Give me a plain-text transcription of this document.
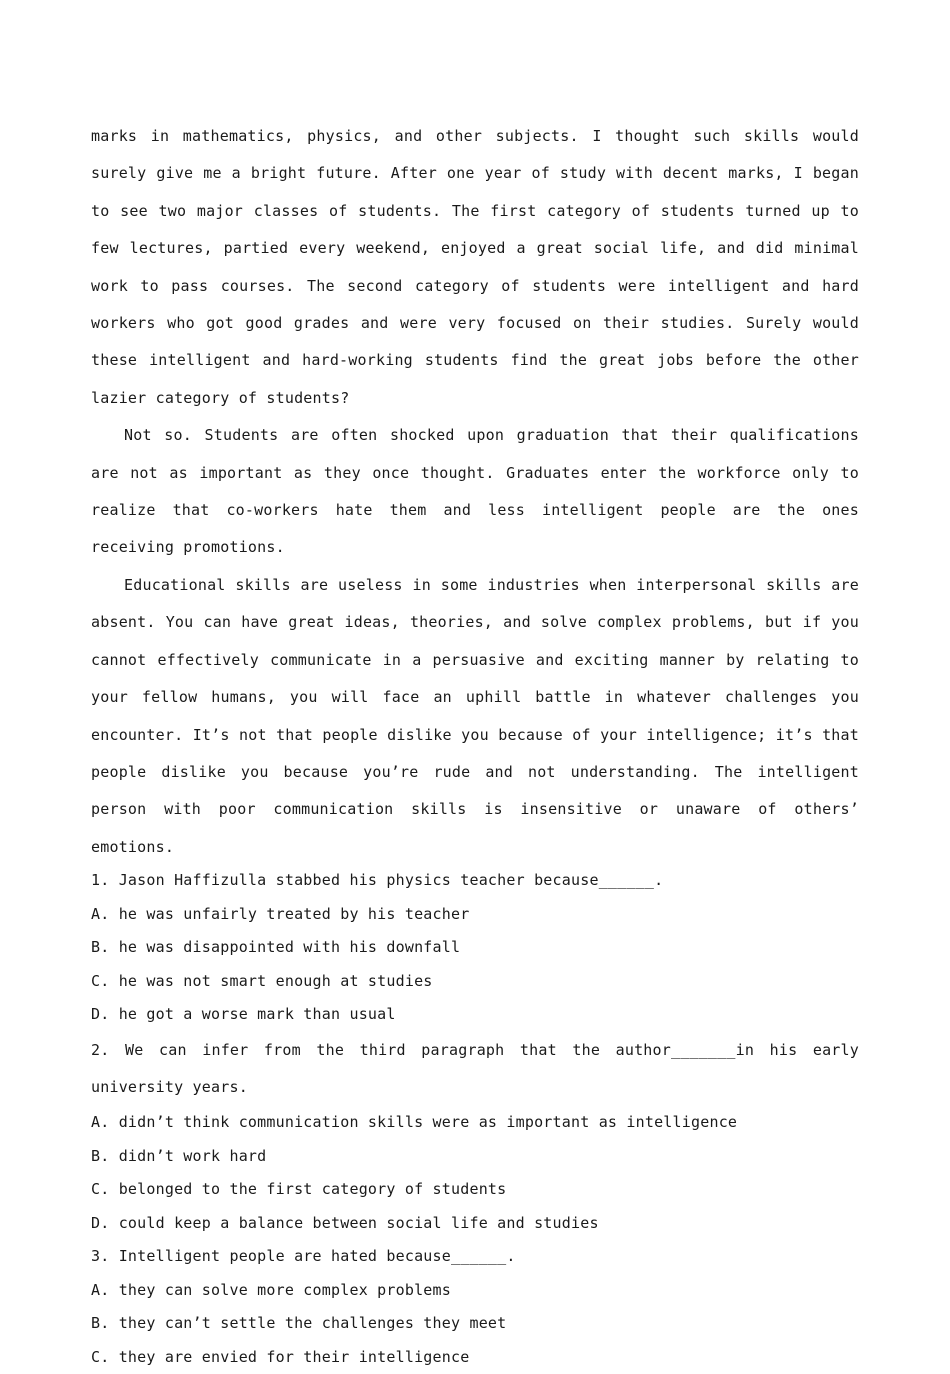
marks in mathematics, physics, and other subjects. I thought such skills would surely give me a bright future. After one year of study with decent marks, I began to see two major classes of students. The first category of students turned up to few lectures, partied every weekend, enjoyed a great social life, and did minimal work to pass courses. The second category of students were intelligent and hard workers who got good grades and were very focused on their studies. Surely would these intelligent and hard-working students find the great jobs before the other lazier category of students?

Not so. Students are often shocked upon graduation that their qualifications are not as important as they once thought. Graduates enter the workforce only to realize that co-workers hate them and less intelligent people are the ones receiving promotions.

Educational skills are useless in some industries when interpersonal skills are absent. You can have great ideas, theories, and solve complex problems, but if you cannot effectively communicate in a persuasive and exciting manner by relating to your fellow humans, you will face an uphill battle in whatever challenges you encounter. It’s not that people dislike you because of your intelligence; it’s that people dislike you because you’re rude and not understanding. The intelligent person with poor communication skills is insensitive or unaware of others’ emotions.

1. Jason Haffizulla stabbed his physics teacher because______.

A. he was unfairly treated by his teacher

B. he was disappointed with his downfall

C. he was not smart enough at studies

D. he got a worse mark than usual

2. We can infer from the third paragraph that the author_______in his early university years.

A. didn’t think communication skills were as important as intelligence

B. didn’t work hard

C. belonged to the first category of students

D. could keep a balance between social life and studies

3. Intelligent people are hated because______.

A. they can solve more complex problems

B. they can’t settle the challenges they meet

C. they are envied for their intelligence
